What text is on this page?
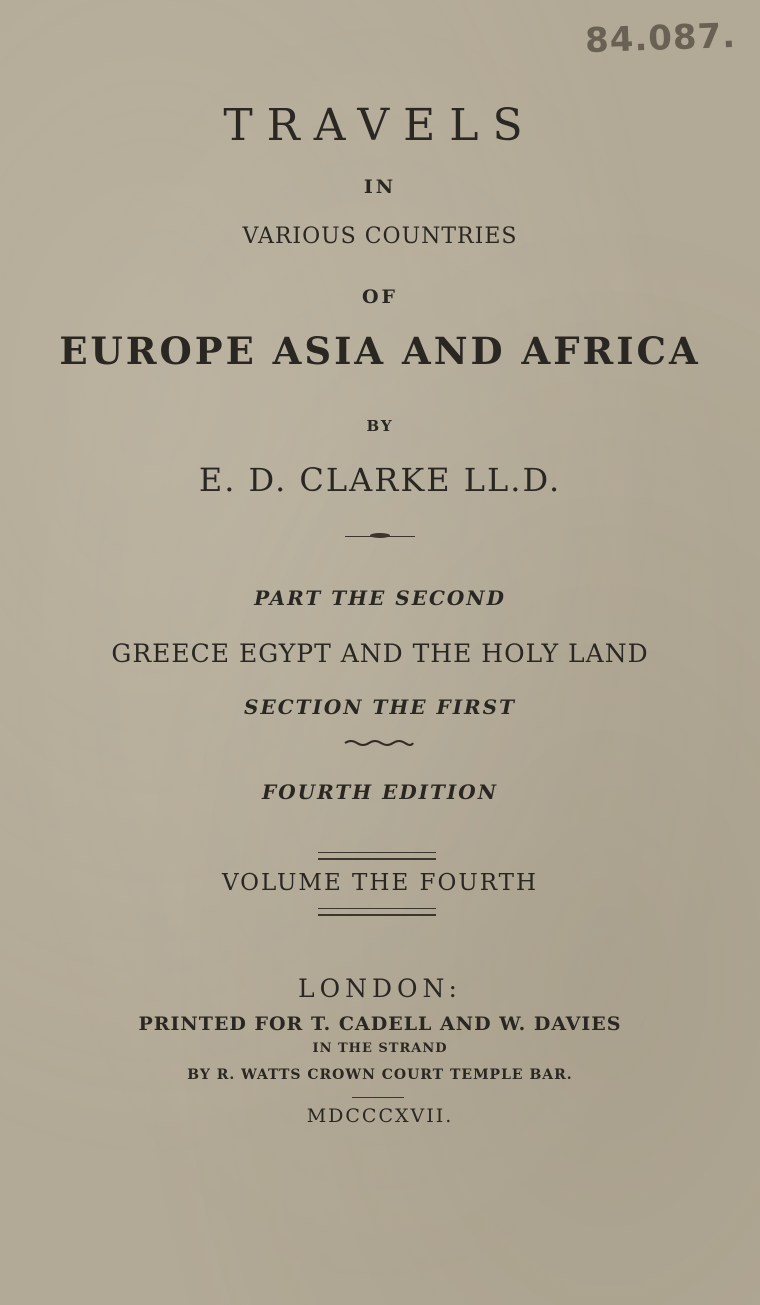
84.087.
TRAVELS
IN
VARIOUS COUNTRIES
OF
EUROPE ASIA AND AFRICA
BY
E. D. CLARKE LL.D.
PART THE SECOND
GREECE EGYPT AND THE HOLY LAND
SECTION THE FIRST
FOURTH EDITION
VOLUME THE FOURTH
LONDON:
PRINTED FOR T. CADELL AND W. DAVIES
IN THE STRAND
BY R. WATTS CROWN COURT TEMPLE BAR.
MDCCCXVII.
